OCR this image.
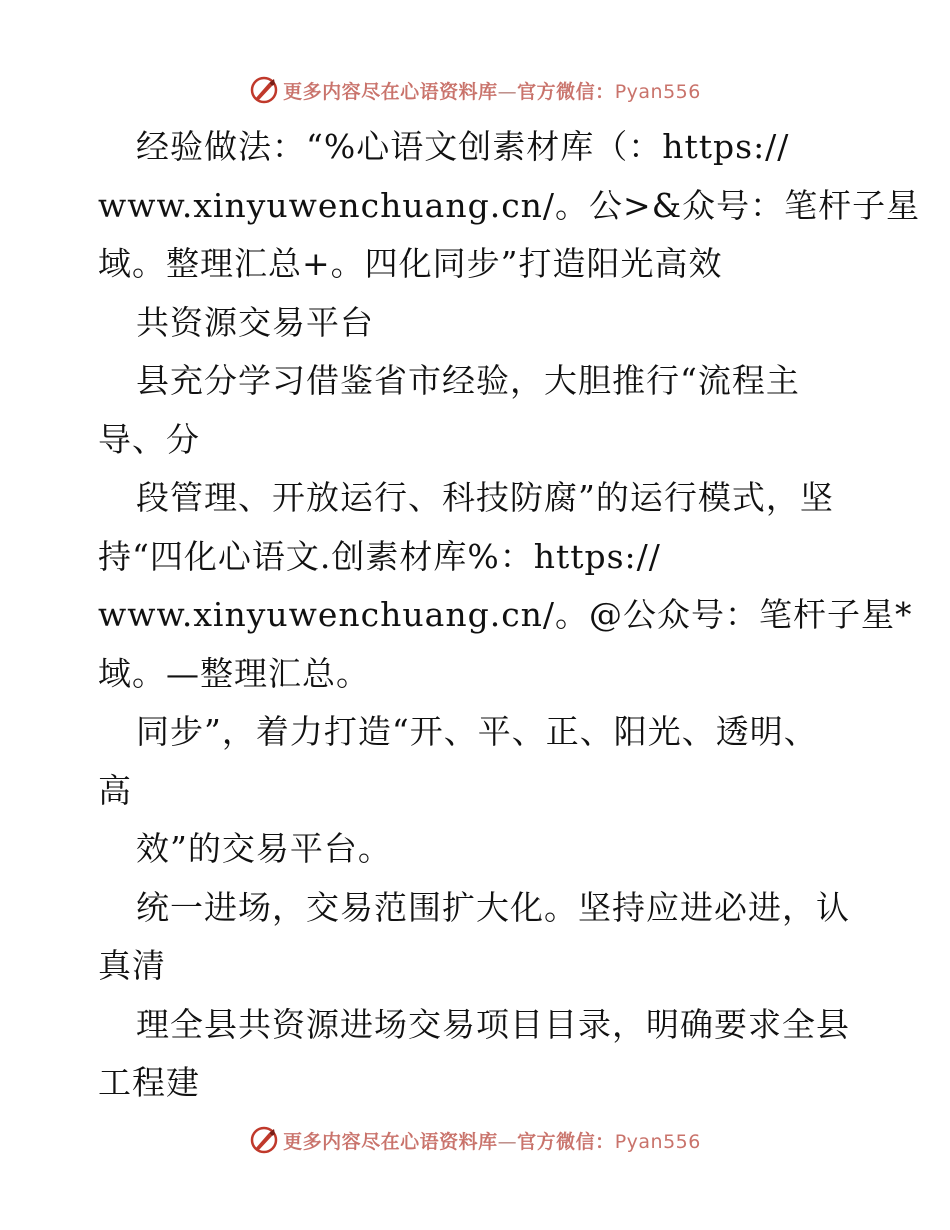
更多内容尽在心语资料库—官方微信：Pyan556
经验做法：“%心语文创素材库（：https://
www.xinyuwenchuang.cn/。公>&众号：笔杆子星
域。整理汇总+。四化同步”打造阳光高效
共资源交易平台
县充分学习借鉴省市经验，大胆推行“流程主
导、分
段管理、开放运行、科技防腐”的运行模式，坚
持“四化心语文.创素材库%：https://
www.xinyuwenchuang.cn/。@公众号：笔杆子星*
域。—整理汇总。
同步”，着力打造“开、平、正、阳光、透明、
高
效”的交易平台。
统一进场，交易范围扩大化。坚持应进必进，认
真清
理全县共资源进场交易项目目录，明确要求全县
工程建
更多内容尽在心语资料库—官方微信：Pyan556
